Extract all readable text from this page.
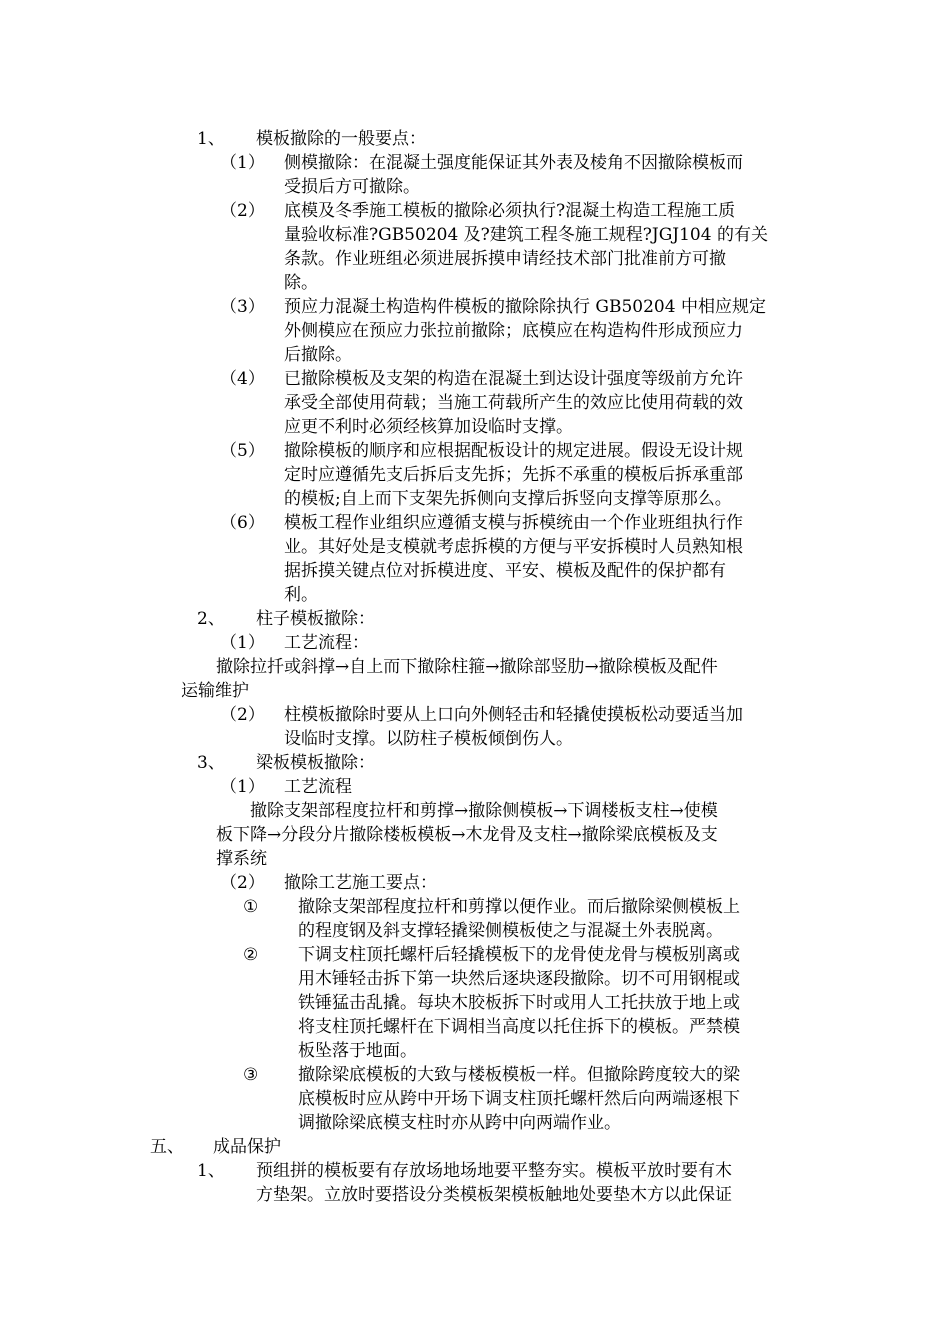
1、 模板撤除的一般要点：
（1） 侧模撤除：在混凝土强度能保证其外表及棱角不因撤除模板而
受损后方可撤除。
（2） 底模及冬季施工模板的撤除必须执行?混凝土构造工程施工质
量验收标准?GB50204 及?建筑工程冬施工规程?JGJ104 的有关
条款。作业班组必须进展拆摸申请经技术部门批准前方可撤
除。
（3） 预应力混凝土构造构件模板的撤除除执行 GB50204 中相应规定
外侧模应在预应力张拉前撤除；底模应在构造构件形成预应力
后撤除。
（4） 已撤除模板及支架的构造在混凝土到达设计强度等级前方允许
承受全部使用荷载；当施工荷载所产生的效应比使用荷载的效
应更不利时必须经核算加设临时支撑。
（5） 撤除模板的顺序和应根据配板设计的规定进展。假设无设计规
定时应遵循先支后拆后支先拆；先拆不承重的模板后拆承重部
的模板;自上而下支架先拆侧向支撑后拆竖向支撑等原那么。
（6） 模板工程作业组织应遵循支模与拆模统由一个作业班组执行作
业。其好处是支模就考虑拆模的方便与平安拆模时人员熟知根
据拆摸关键点位对拆模进度、平安、模板及配件的保护都有
利。
2、 柱子模板撤除：
（1） 工艺流程：
撤除拉扦或斜撑→自上而下撤除柱箍→撤除部竖肋→撤除模板及配件
运输维护
（2） 柱模板撤除时要从上口向外侧轻击和轻撬使摸板松动要适当加
设临时支撑。以防柱子模板倾倒伤人。
3、 梁板模板撤除：
（1） 工艺流程
撤除支架部程度拉杆和剪撑→撤除侧模板→下调楼板支柱→使模
板下降→分段分片撤除楼板模板→木龙骨及支柱→撤除梁底模板及支
撑系统
（2） 撤除工艺施工要点：
① 撤除支架部程度拉杆和剪撑以便作业。而后撤除梁侧模板上
的程度钢及斜支撑轻撬梁侧模板使之与混凝土外表脱离。
② 下调支柱顶托螺杆后轻撬模板下的龙骨使龙骨与模板别离或
用木锤轻击拆下第一块然后逐块逐段撤除。切不可用钢棍或
铁锤猛击乱撬。每块木胶板拆下时或用人工托扶放于地上或
将支柱顶托螺杆在下调相当高度以托住拆下的模板。严禁模
板坠落于地面。
③ 撤除梁底模板的大致与楼板模板一样。但撤除跨度较大的梁
底模板时应从跨中开场下调支柱顶托螺杆然后向两端逐根下
调撤除梁底模支柱时亦从跨中向两端作业。
五、 成品保护
1、 预组拼的模板要有存放场地场地要平整夯实。模板平放时要有木
方垫架。立放时要搭设分类模板架模板触地处要垫木方以此保证
